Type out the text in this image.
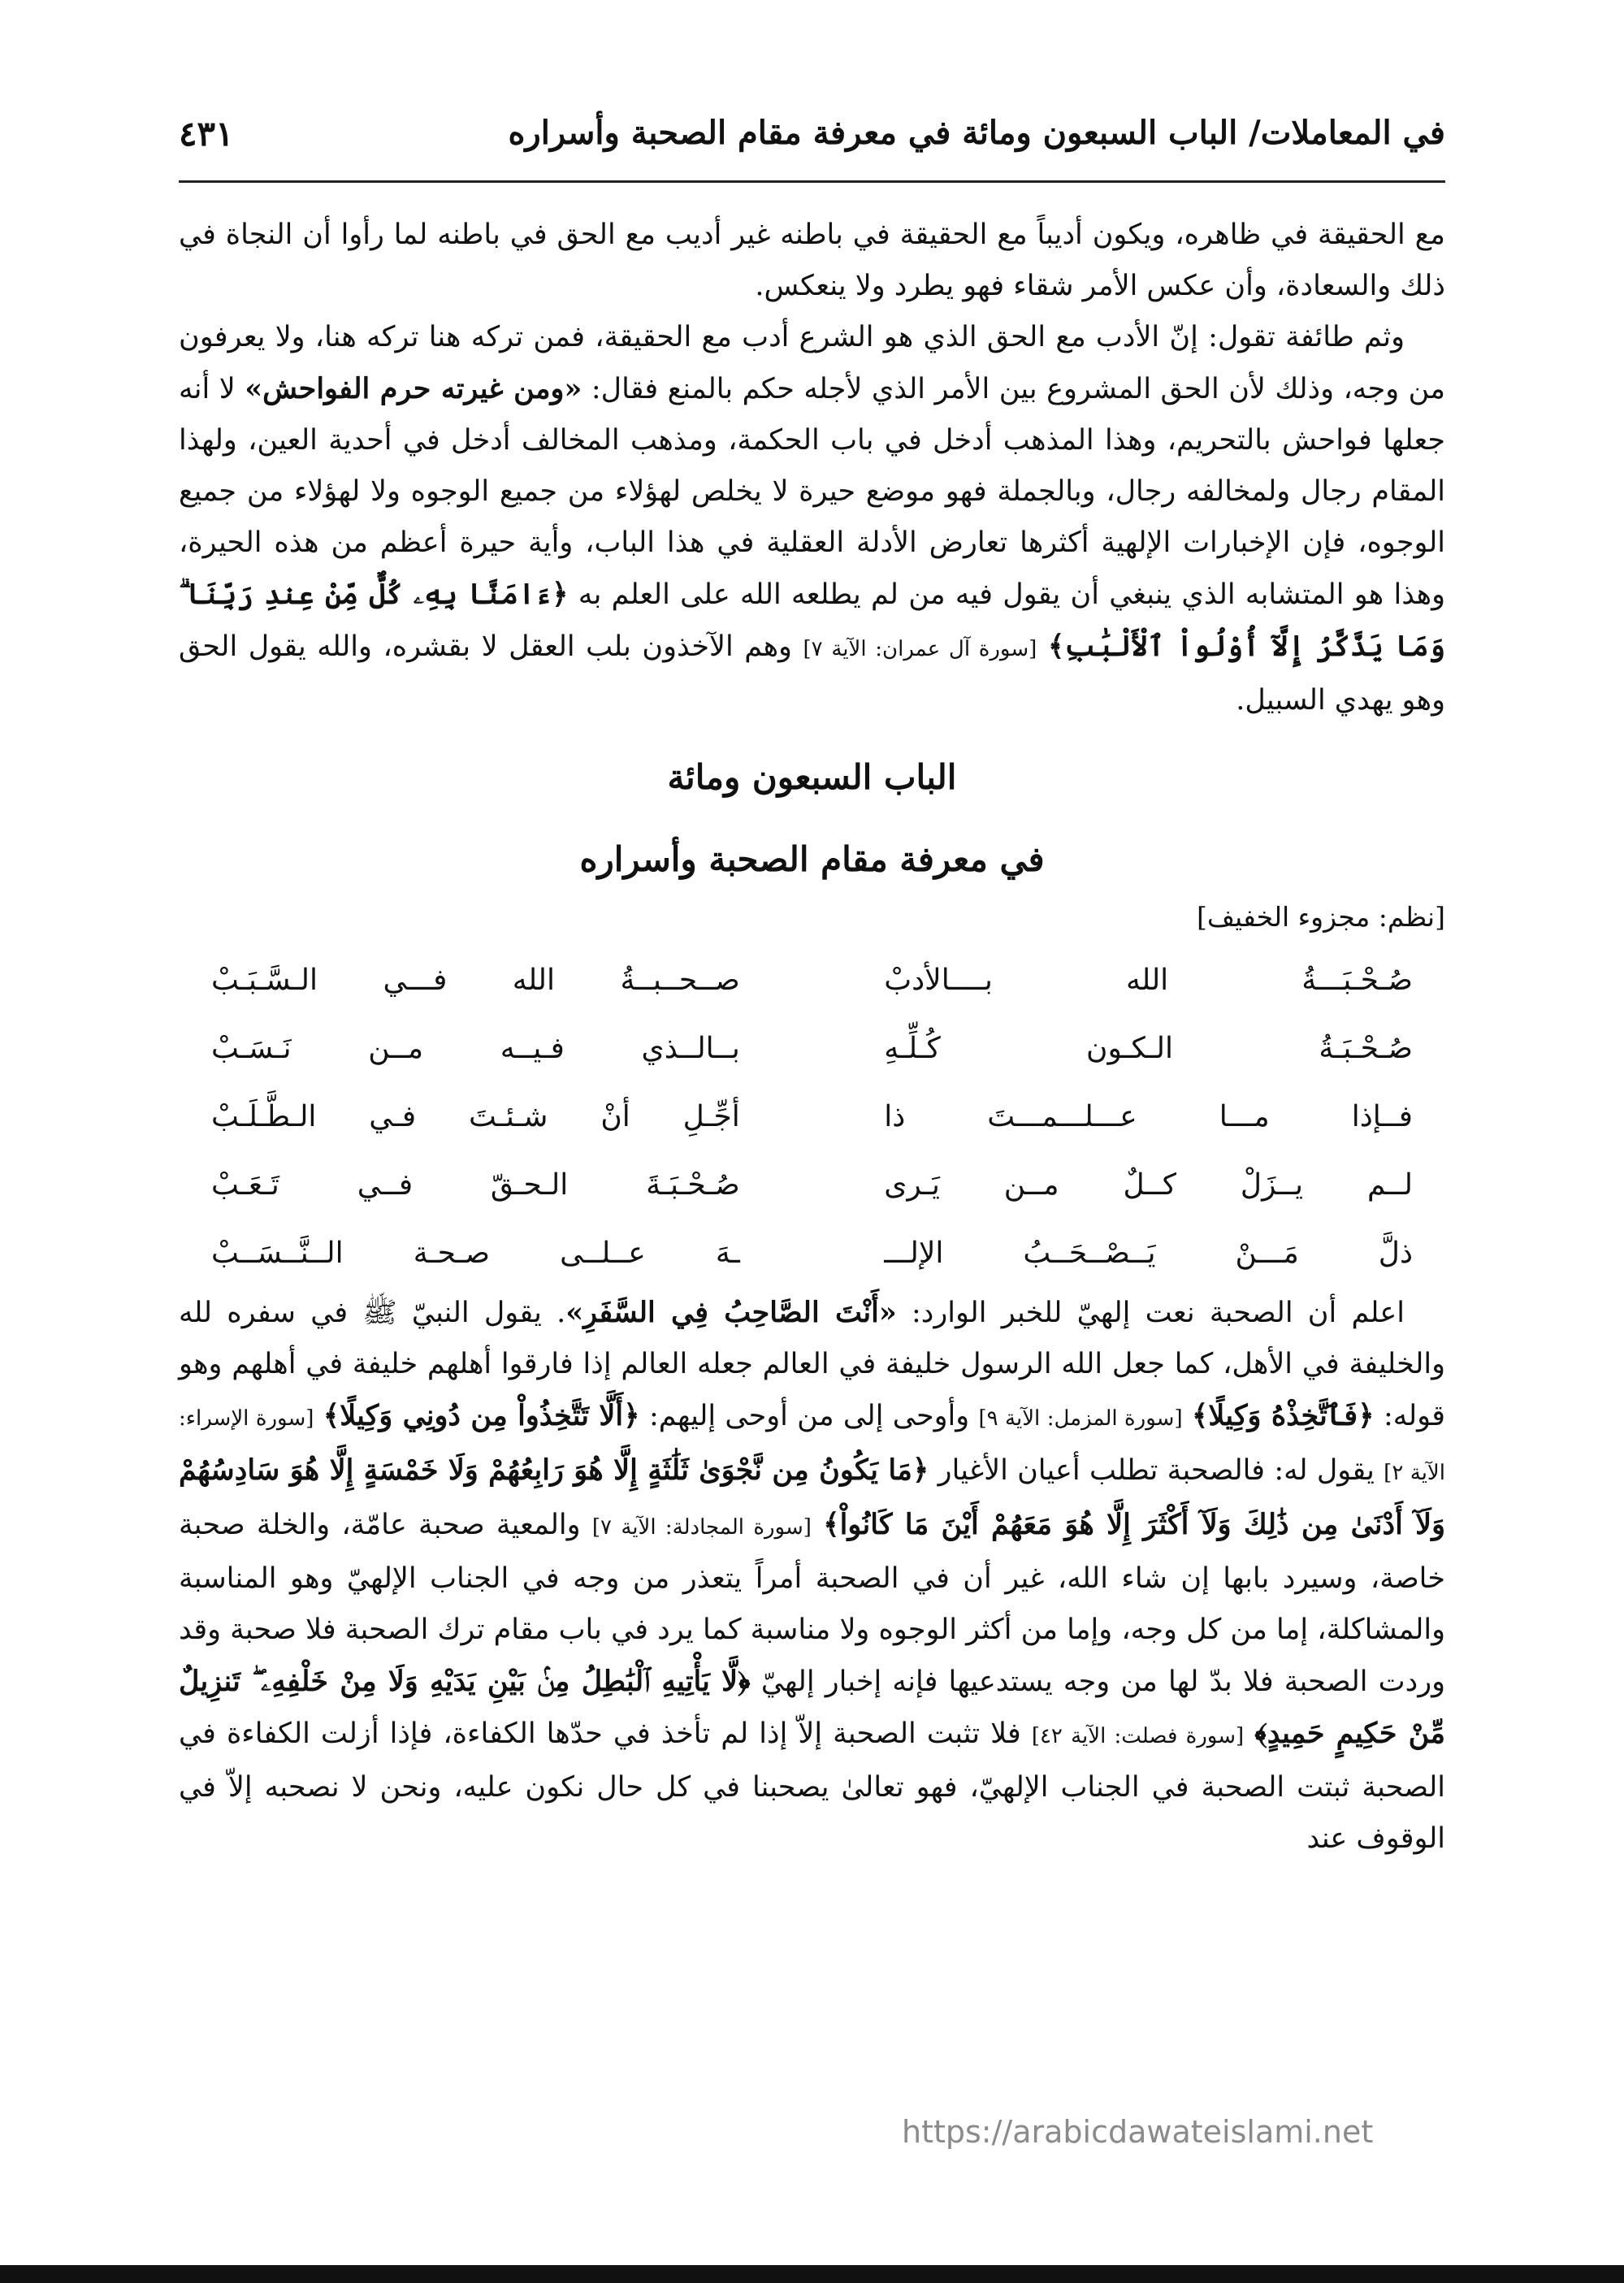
في المعاملات/ الباب السبعون ومائة في معرفة مقام الصحبة وأسراره
٤٣١

مع الحقيقة في ظاهره، ويكون أديباً مع الحقيقة في باطنه غير أديب مع الحق في باطنه لما رأوا أن النجاة في ذلك والسعادة، وأن عكس الأمر شقاء فهو يطرد ولا ينعكس.

وثم طائفة تقول: إنّ الأدب مع الحق الذي هو الشرع أدب مع الحقيقة، فمن تركه هنا تركه هنا، ولا يعرفون من وجه، وذلك لأن الحق المشروع بين الأمر الذي لأجله حكم بالمنع فقال: «ومن غيرته حرم الفواحش» لا أنه جعلها فواحش بالتحريم، وهذا المذهب أدخل في باب الحكمة، ومذهب المخالف أدخل في أحدية العين، ولهذا المقام رجال ولمخالفه رجال، وبالجملة فهو موضع حيرة لا يخلص لهؤلاء من جميع الوجوه ولا لهؤلاء من جميع الوجوه، فإن الإخبارات الإلهية أكثرها تعارض الأدلة العقلية في هذا الباب، وأية حيرة أعظم من هذه الحيرة، وهذا هو المتشابه الذي ينبغي أن يقول فيه من لم يطلعه الله على العلم به ﴿ءَامَنَّا بِهِۦ كُلٌّ مِّنْ عِندِ رَبِّنَا ۗ وَمَا يَذَّكَّرُ إِلَّآ أُوْلُواْ ٱلْأَلْبَٰبِ﴾ [سورة آل عمران: الآية ٧] وهم الآخذون بلب العقل لا بقشره، والله يقول الحق وهو يهدي السبيل.

الباب السبعون ومائة
في معرفة مقام الصحبة وأسراره

[نظم: مجزوء الخفيف]

صُـحْـبَـــةُ الله بــــالأدبْ
صــحــبــةُ الله فـــي الـسَّـبَـبْ
صُـحْـبَـةُ الـكـون كُـلِّـهِ
بــالــذي فـيــه مــن نَـسَـبْ
فــإذا مـــا عـــلـــمـــتَ ذا
أجِّـلِ أنْ شـئـتَ فـي الـطَّـلَـبْ
لــم يــزَلْ كــلٌ مــن يَـرى
صُـحْـبَـةَ الـحـقّ فــي تَـعَـبْ
ذلَّ مَـــنْ يَــصْــحَــبُ الإلـــ
ـهَ عــلــى صـحـة الــنَّــسَــبْ

اعلم أن الصحبة نعت إلهيّ للخبر الوارد: «أَنْتَ الصَّاحِبُ فِي السَّفَرِ». يقول النبيّ ﷺ في سفره لله والخليفة في الأهل، كما جعل الله الرسول خليفة في العالم جعله العالم إذا فارقوا أهلهم خليفة في أهلهم وهو قوله: ﴿فَٱتَّخِذْهُ وَكِيلًا﴾ [سورة المزمل: الآية ٩] وأوحى إلى من أوحى إليهم: ﴿أَلَّا تَتَّخِذُواْ مِن دُونِي وَكِيلًا﴾ [سورة الإسراء: الآية ٢] يقول له: فالصحبة تطلب أعيان الأغيار ﴿مَا يَكُونُ مِن نَّجْوَىٰ ثَلَٰثَةٍ إِلَّا هُوَ رَابِعُهُمْ وَلَا خَمْسَةٍ إِلَّا هُوَ سَادِسُهُمْ وَلَآ أَدْنَىٰ مِن ذَٰلِكَ وَلَآ أَكْثَرَ إِلَّا هُوَ مَعَهُمْ أَيْنَ مَا كَانُواْ﴾ [سورة المجادلة: الآية ٧] والمعية صحبة عامّة، والخلة صحبة خاصة، وسيرد بابها إن شاء الله، غير أن في الصحبة أمراً يتعذر من وجه في الجناب الإلهيّ وهو المناسبة والمشاكلة، إما من كل وجه، وإما من أكثر الوجوه ولا مناسبة كما يرد في باب مقام ترك الصحبة فلا صحبة وقد وردت الصحبة فلا بدّ لها من وجه يستدعيها فإنه إخبار إلهيّ ﴿لَّا يَأْتِيهِ ٱلْبَٰطِلُ مِنۢ بَيْنِ يَدَيْهِ وَلَا مِنْ خَلْفِهِۦ ۖ تَنزِيلٌ مِّنْ حَكِيمٍ حَمِيدٍ﴾ [سورة فصلت: الآية ٤٢] فلا تثبت الصحبة إلاّ إذا لم تأخذ في حدّها الكفاءة، فإذا أزلت الكفاءة في الصحبة ثبتت الصحبة في الجناب الإلهيّ، فهو تعالىٰ يصحبنا في كل حال نكون عليه، ونحن لا نصحبه إلاّ في الوقوف عند

https://arabicdawateislami.net
